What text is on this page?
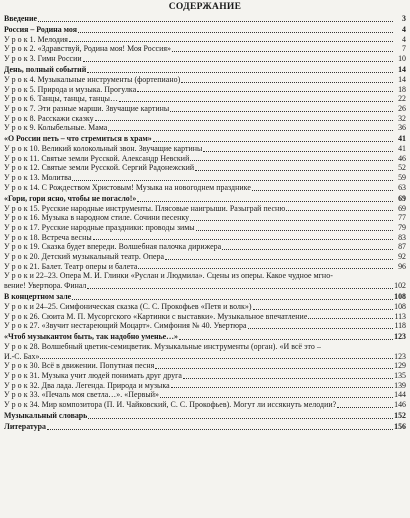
СОДЕРЖАНИЕ
Введение	3
Россия – Родина моя	4
У р о к 1. Мелодия	4
У р о к 2. «Здравствуй, Родина моя! Моя Россия»	7
У р о к 3. Гимн России	10
День, полный событий	14
У р о к 4. Музыкальные инструменты (фортепиано)	14
У р о к 5. Природа и музыка. Прогулка	18
У р о к 6. Танцы, танцы, танцы…	22
У р о к 7. Эти разные марши. Звучащие картины	26
У р о к 8. Расскажи сказку	32
У р о к 9. Колыбельные. Мама	36
«О России петь – что стремиться в храм»	41
У р о к 10. Великий колокольный звон. Звучащие картины	41
У р о к 11. Святые земли Русской. Александр Невский	46
У р о к 12. Святые земли Русской. Сергий Радонежский	52
У р о к 13. Молитва	59
У р о к 14. С Рождеством Христовым! Музыка на новогоднем празднике	63
«Гори, гори ясно, чтобы не погасло!»	69
У р о к 15. Русские народные инструменты. Плясовые наигрыши. Разыграй песню	69
У р о к 16. Музыка в народном стиле. Сочини песенку	77
У р о к 17. Русские народные праздники: проводы зимы	79
У р о к 18. Встреча весны	83
У р о к 19. Сказка будет впереди. Волшебная палочка дирижера	87
У р о к 20. Детский музыкальный театр. Опера	92
У р о к 21. Балет. Театр оперы и балета	96
У р о к и 22–23. Опера М. И. Глинки «Руслан и Людмила». Сцены из оперы. Какое чудное мгно-
вение! Увертюра. Финал	102
В концертном зале	108
У р о к и 24–25. Симфоническая сказка (С. С. Прокофьев «Петя и волк»)	108
У р о к 26. Сюита М. П. Мусоргского «Картинки с выставки». Музыкальное впечатление	113
У р о к 27. «Звучит нестареющий Моцарт». Симфония № 40. Увертюра	118
«Чтоб музыкантом быть, так надобно уменье…»	123
У р о к 28. Волшебный цветик-семицветик. Музыкальные инструменты (орган). «И всё это –
И.-С. Бах»	123
У р о к 30. Всё в движении. Попутная песня	129
У р о к 31. Музыка учит людей понимать друг друга	135
У р о к 32. Два лада. Легенда. Природа и музыка	139
У р о к 33. «Печаль моя светла…». «Первый»	144
У р о к 34. Мир композитора (П. И. Чайковский, С. С. Прокофьев). Могут ли иссякнуть мелодии?	146
Музыкальный словарь	152
Литература	156
